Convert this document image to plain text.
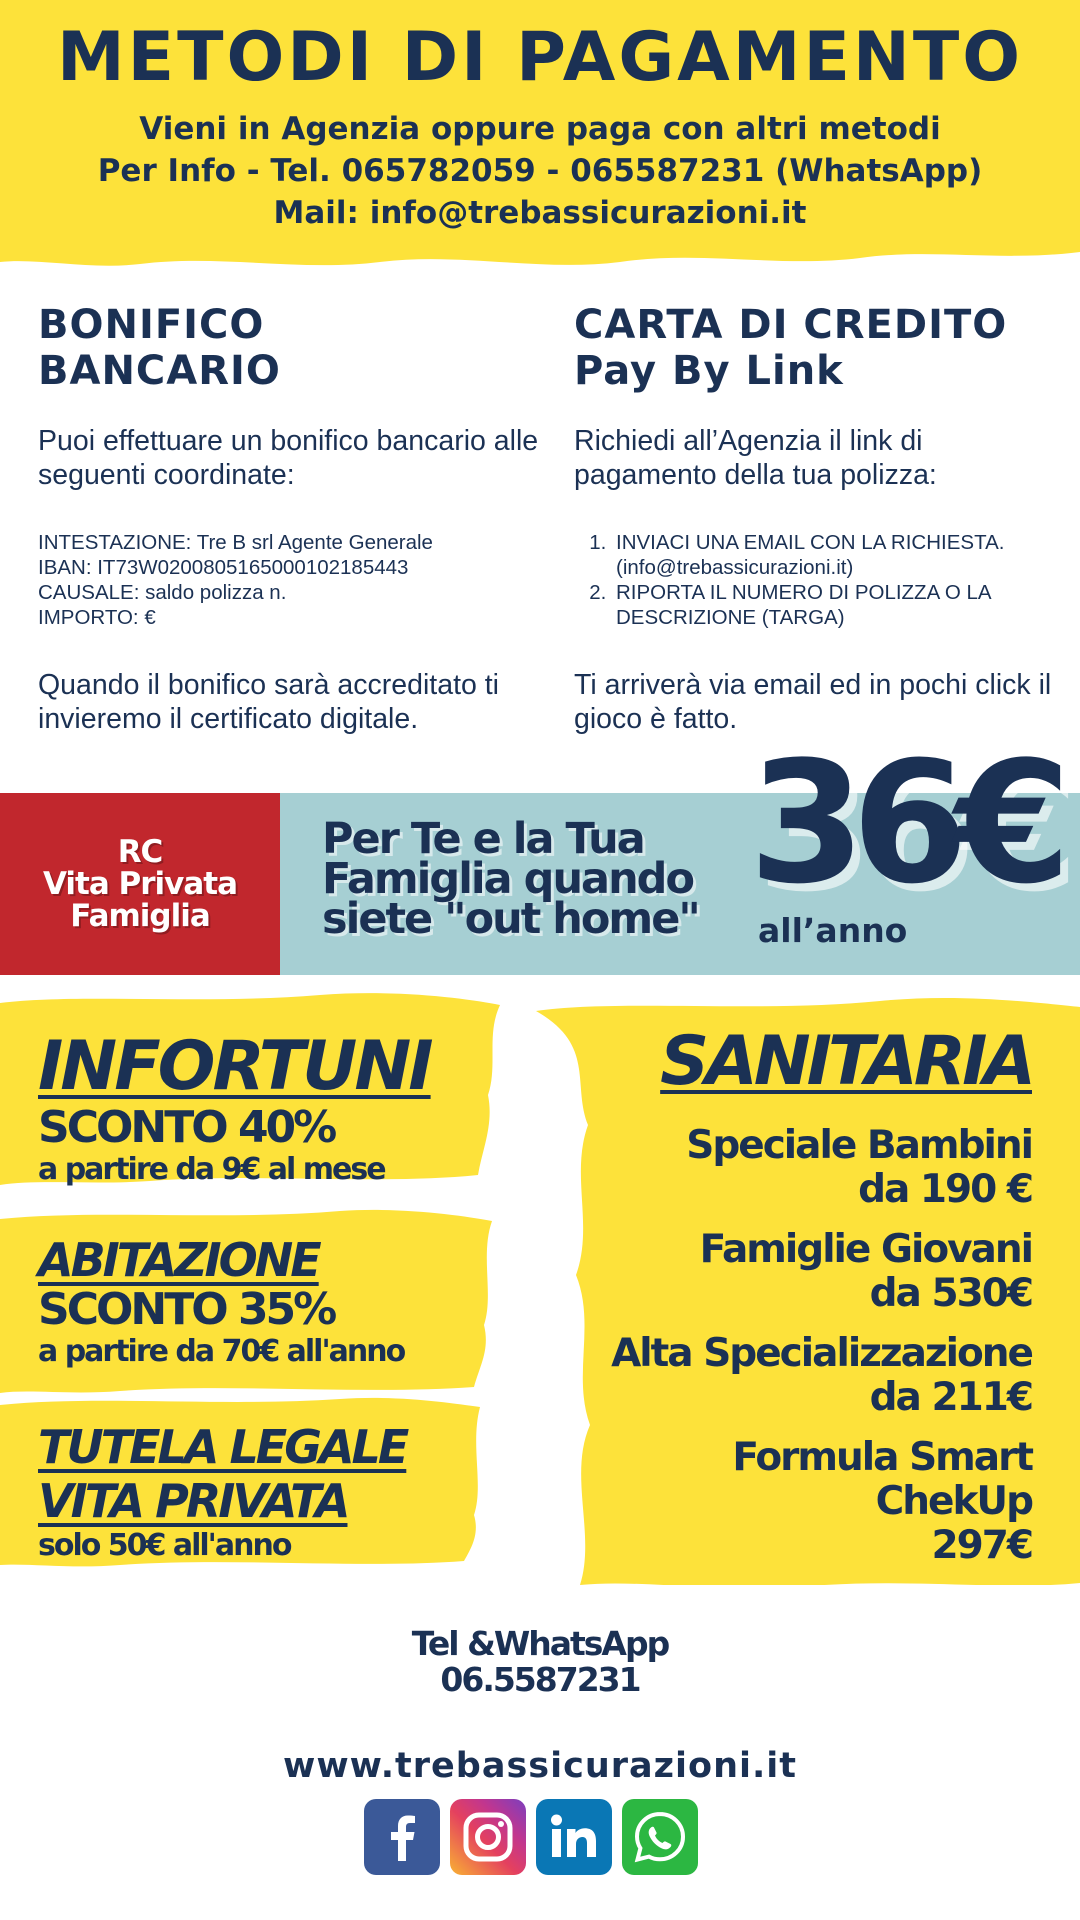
METODI DI PAGAMENTO
Vieni in Agenzia oppure paga con altri metodi
Per Info - Tel. 065782059 - 065587231 (WhatsApp)
Mail: info@trebassicurazioni.it
BONIFICO
BANCARIO

Puoi effettuare un bonifico bancario alle seguenti coordinate:

INTESTAZIONE: Tre B srl Agente Generale
IBAN: IT73W0200805165000102185443
CAUSALE: saldo polizza n.
IMPORTO: €

Quando il bonifico sarà accreditato ti invieremo il certificato digitale.

CARTA DI CREDITO
Pay By Link

Richiedi all’Agenzia il link di pagamento della tua polizza:

1. INVIACI UNA EMAIL CON LA RICHIESTA. (info@trebassicurazioni.it)
2. RIPORTA IL NUMERO DI POLIZZA O LA DESCRIZIONE (TARGA)

Ti arriverà via email ed in pochi click il gioco è fatto.

RC
Vita Privata
Famiglia
Per Te e la Tua
Famiglia quando
siete "out home" 36€
all’anno
INFORTUNI
SCONTO 40%
a partire da 9€ al mese
ABITAZIONE
SCONTO 35%
a partire da 70€ all'anno
TUTELA LEGALE
VITA PRIVATA
solo 50€ all'anno
SANITARIA
Speciale Bambini
da 190 €
Famiglie Giovani
da 530€
Alta Specializzazione
da 211€
Formula Smart
ChekUp
297€
Tel &WhatsApp
06.5587231
www.trebassicurazioni.it
